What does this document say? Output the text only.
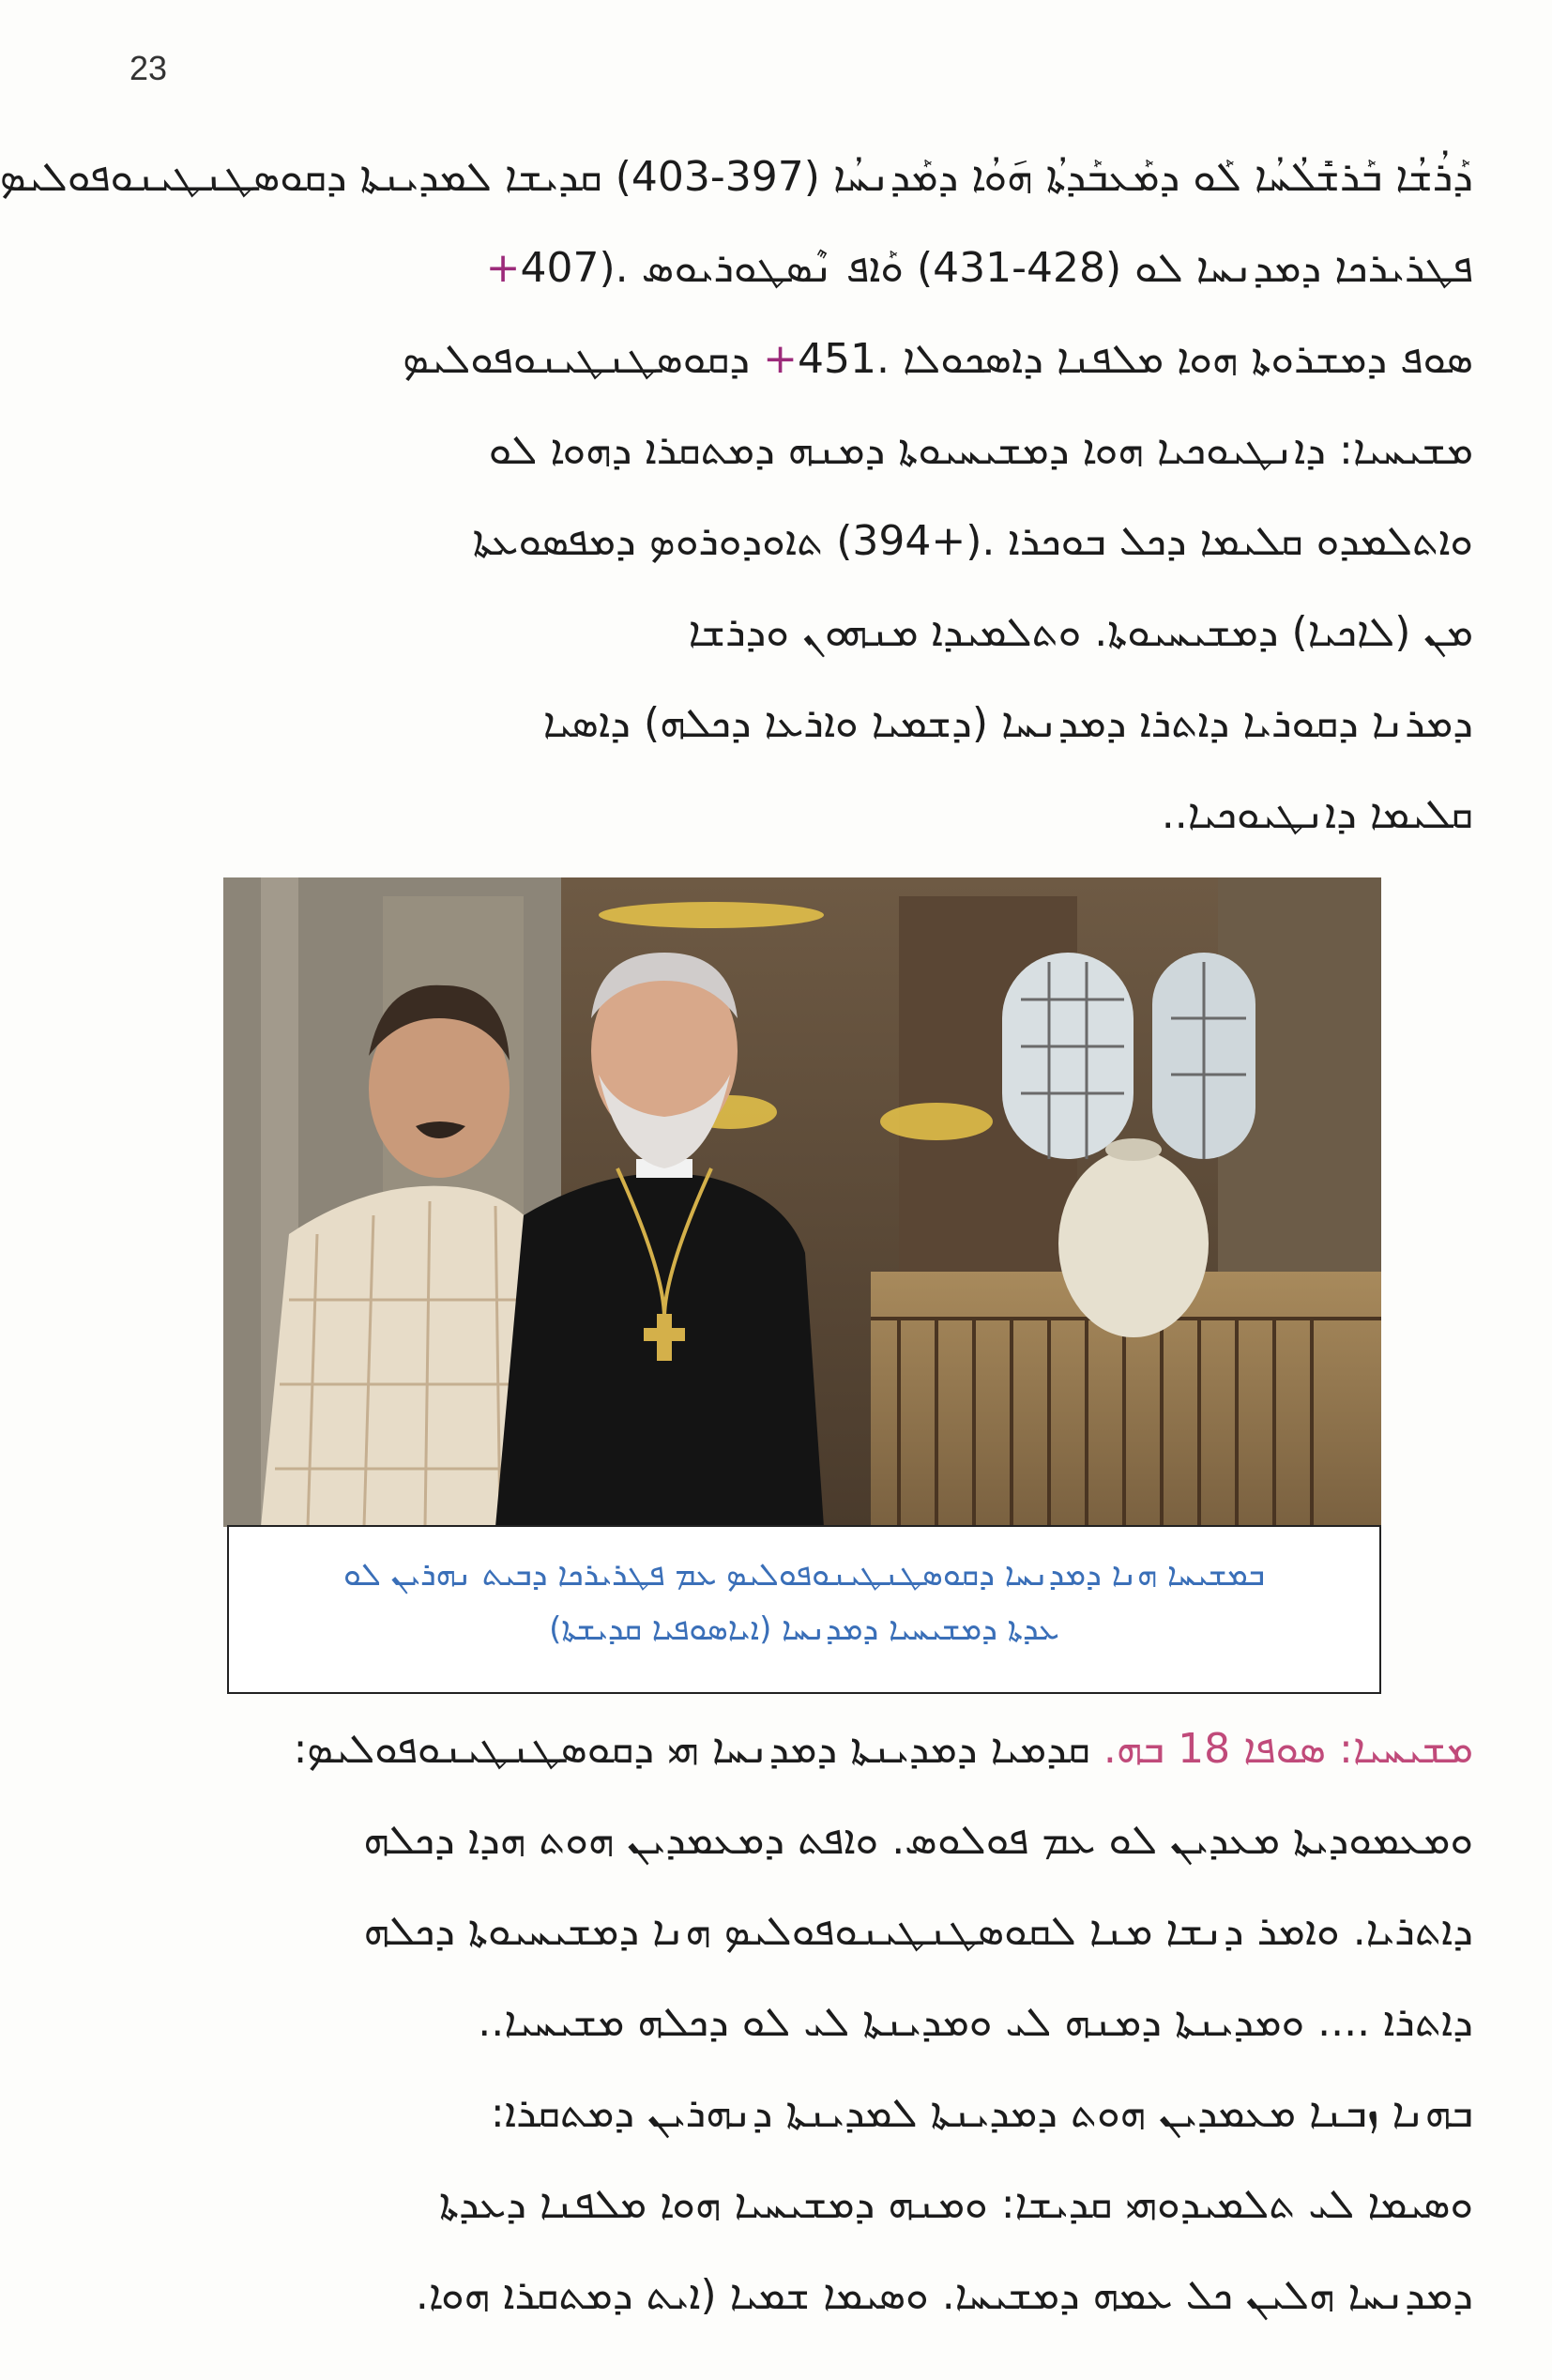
23
ܕܰܪܳܫܳܐ ܒܰܪܫܺܠܳܚܳܐ ܠܰܘ ܕܡܰܥܒܰܕܬܳܐ ܗ݇ܘܳܐ ܕܡܰܕܢܚܳܐ (403-397) ܩܕܝܫܐ ܠܡܕܝܢܬܐ ܕܩܘܣܛܢܛܝܢܘܦܘܠܝܤ
ܦܛܪܝܪܟܐ ܕܡܕܢܚܐ ܠܘ (431-428) ܘܰܐܦ ܢܶܣܛܘܪܝܘܣ +407).
ܣܘܦ ܕܡܫܪܘܬܐ ܗܘܐ ܡܠܦܢܐ ܕܐܣܟܘܠܐ +451. ܕܩܘܣܛܢܛܝܢܘܦܘܠܝܤ
ܡܫܝܚܝܐ: ܕܐܢܛܝܘܟܝܐ ܗܘܐ ܕܡܫܝܚܝܘܬܐ ܕܡܢܗ ܕܡܬܩܪܐ ܕܗܘܐ ܠܘ
ܘܐܬܠܡܕܘ ܩܠܝܡܐ ܕܟܠ ܒܘܟܪܐ (394+). ܬܐܘܕܘܪܘܤ ܕܡܦܣܘܥܬܐ
ܡܢ (ܠܐܟܝܐ) ܕܡܫܝܚܝܘܬܐ. ܘܬܠܡܝܕܐ ܡܢܗܘܢ ܘܕܪܫܐ
ܕܡܪܢܐ ܕܩܘܪܝܐ ܕܐܬܪܐ ܕܡܕܢܚܐ (ܕܫܡܝܐ ܘܐܪܥܐ ܕܟܠܗ) ܕܐܣܝܐ
ܩܠܝܡܐ ܕܐܢܛܝܘܟܝܐ..
ܒܡܫܝܚܐ ܗܢܐ ܕܡܕܢܚܐ ܕܩܘܣܛܢܛܝܢܘܦܘܠܝܤ ܥܡ ܦܛܪܝܪܟܐ ܕܒܝܬ ܢܗܪܝܢ ܠܘ
ܥܕܬܐ ܕܡܫܝܚܝܐ ܕܡܕܢܚܐ (ܐܝܐܣܘܦܝܐ ܩܕܝܫܬܐ)
ܡܫܝܚܝܐ: ܣܘܦܐ 18 ܒܗ. ܩܕܡܝܐ ܕܡܕܝܢܬܐ ܕܡܕܢܚܐ ܗܝ ܕܩܘܣܛܢܛܝܢܘܦܘܠܝܤ:
ܘܡܥܡܘܕܝܬܐ ܡܥܕܝܢ ܠܘ ܥܡ ܦܘܠܘܣ. ܘܐܦܬ ܕܡܥܡܕܝܢ ܗܘܬ ܗܕܐ ܕܟܠܗ
ܕܐܬܪܝܐ. ܘܐܡܪ ܕܢܫܐ ܡܢܐ ܠܩܘܣܛܢܛܝܢܘܦܘܠܝܤ ܗܢܐ ܕܡܫܝܚܝܘܬܐ ܕܟܠܗ
ܕܐܬܪܐ .... ܘܡܕܝܢܬܐ ܕܡܢܗ ܠܝ ܘܡܕܝܢܬܐ ܠܝ ܠܘ ܕܟܠܗ ܡܫܝܚܝܐ..
ܒܗܢܐ ܙܒܢܐ ܡܥܡܕܝܢ ܗܘܬ ܕܡܕܝܢܬܐ ܠܡܕܝܢܬܐ ܕܢܗܪܝܢ ܕܡܬܩܪܐ:
ܘܣܝܡܐ ܠܝ ܬܠܡܝܕܘܗܝ ܩܕܝܫܐ: ܘܡܢܗ ܕܡܫܝܚܝܐ ܗܘܐ ܡܠܦܢܐ ܕܥܕܬܐ
ܕܡܕܢܚܐ ܗܠܝܢ ܟܠ ܥܡܗ ܕܡܫܝܚܐ. ܘܣܝܡܐ ܫܡܝܐ (ܐܝܬ ܕܡܬܩܪܐ ܗܘܐ.
